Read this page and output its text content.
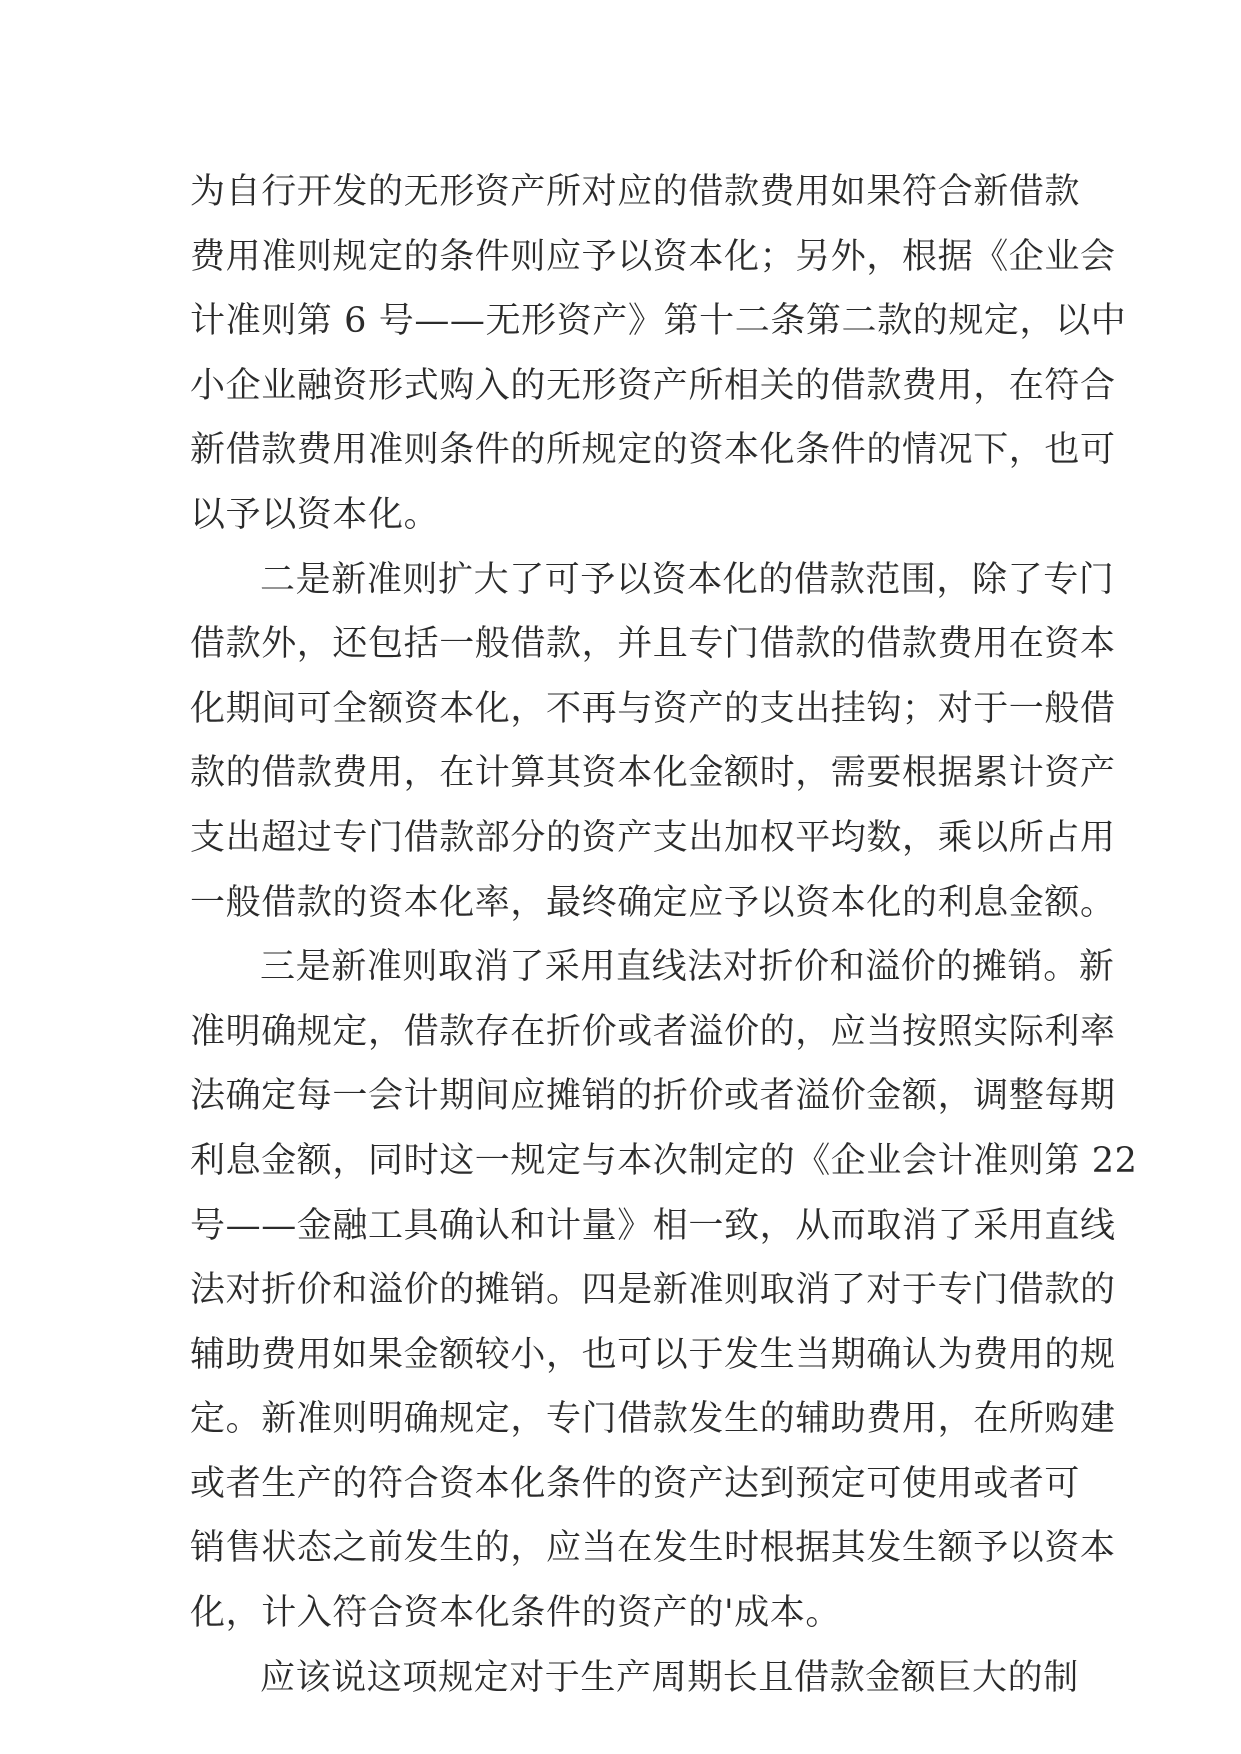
为自行开发的无形资产所对应的借款费用如果符合新借款
费用准则规定的条件则应予以资本化；另外，根据《企业会
计准则第 6 号——无形资产》第十二条第二款的规定，以中
小企业融资形式购入的无形资产所相关的借款费用，在符合
新借款费用准则条件的所规定的资本化条件的情况下，也可
以予以资本化。
二是新准则扩大了可予以资本化的借款范围，除了专门
借款外，还包括一般借款，并且专门借款的借款费用在资本
化期间可全额资本化，不再与资产的支出挂钩；对于一般借
款的借款费用，在计算其资本化金额时，需要根据累计资产
支出超过专门借款部分的资产支出加权平均数，乘以所占用
一般借款的资本化率，最终确定应予以资本化的利息金额。
三是新准则取消了采用直线法对折价和溢价的摊销。新
准明确规定，借款存在折价或者溢价的，应当按照实际利率
法确定每一会计期间应摊销的折价或者溢价金额，调整每期
利息金额，同时这一规定与本次制定的《企业会计准则第 22
号——金融工具确认和计量》相一致，从而取消了采用直线
法对折价和溢价的摊销。四是新准则取消了对于专门借款的
辅助费用如果金额较小，也可以于发生当期确认为费用的规
定。新准则明确规定，专门借款发生的辅助费用，在所购建
或者生产的符合资本化条件的资产达到预定可使用或者可
销售状态之前发生的，应当在发生时根据其发生额予以资本
化，计入符合资本化条件的资产的'成本。
应该说这项规定对于生产周期长且借款金额巨大的制
